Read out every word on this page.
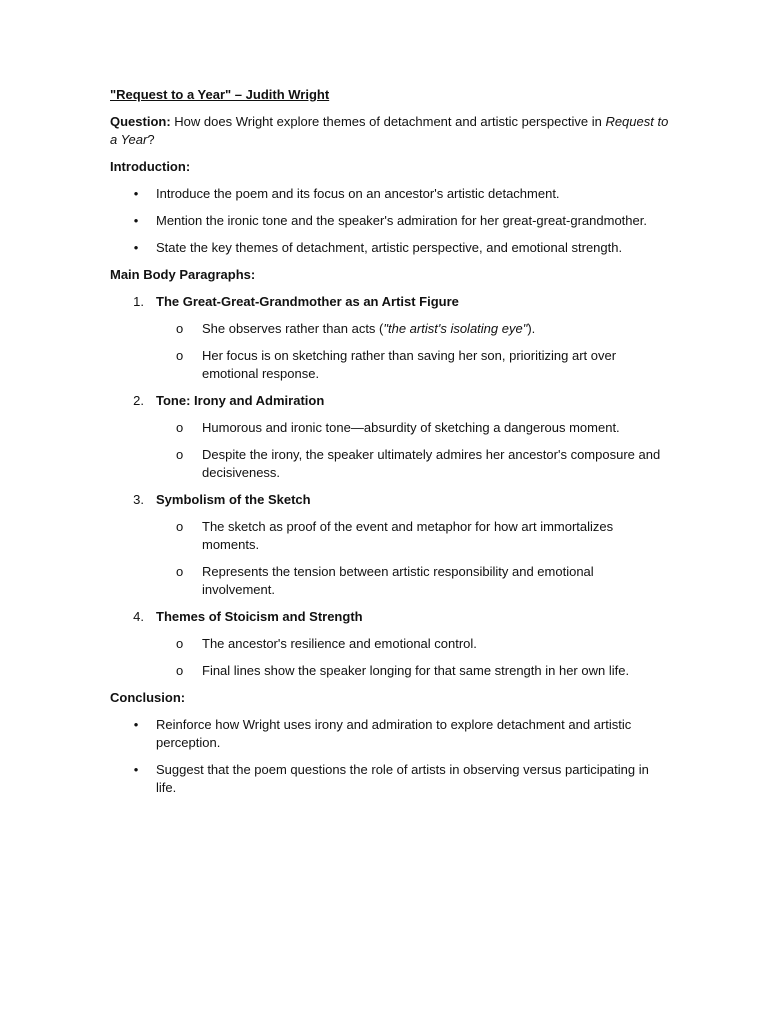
"Request to a Year" – Judith Wright

Question: How does Wright explore themes of detachment and artistic perspective in Request to a Year?

Introduction:

• Introduce the poem and its focus on an ancestor's artistic detachment.
• Mention the ironic tone and the speaker's admiration for her great-great-grandmother.
• State the key themes of detachment, artistic perspective, and emotional strength.

Main Body Paragraphs:

1. The Great-Great-Grandmother as an Artist Figure

o She observes rather than acts ("the artist's isolating eye").
o Her focus is on sketching rather than saving her son, prioritizing art over emotional response.
2. Tone: Irony and Admiration

o Humorous and ironic tone—absurdity of sketching a dangerous moment.
o Despite the irony, the speaker ultimately admires her ancestor's composure and decisiveness.
3. Symbolism of the Sketch

o The sketch as proof of the event and metaphor for how art immortalizes moments.
o Represents the tension between artistic responsibility and emotional involvement.
4. Themes of Stoicism and Strength

o The ancestor's resilience and emotional control.
o Final lines show the speaker longing for that same strength in her own life.

Conclusion:

• Reinforce how Wright uses irony and admiration to explore detachment and artistic perception.
• Suggest that the poem questions the role of artists in observing versus participating in life.
